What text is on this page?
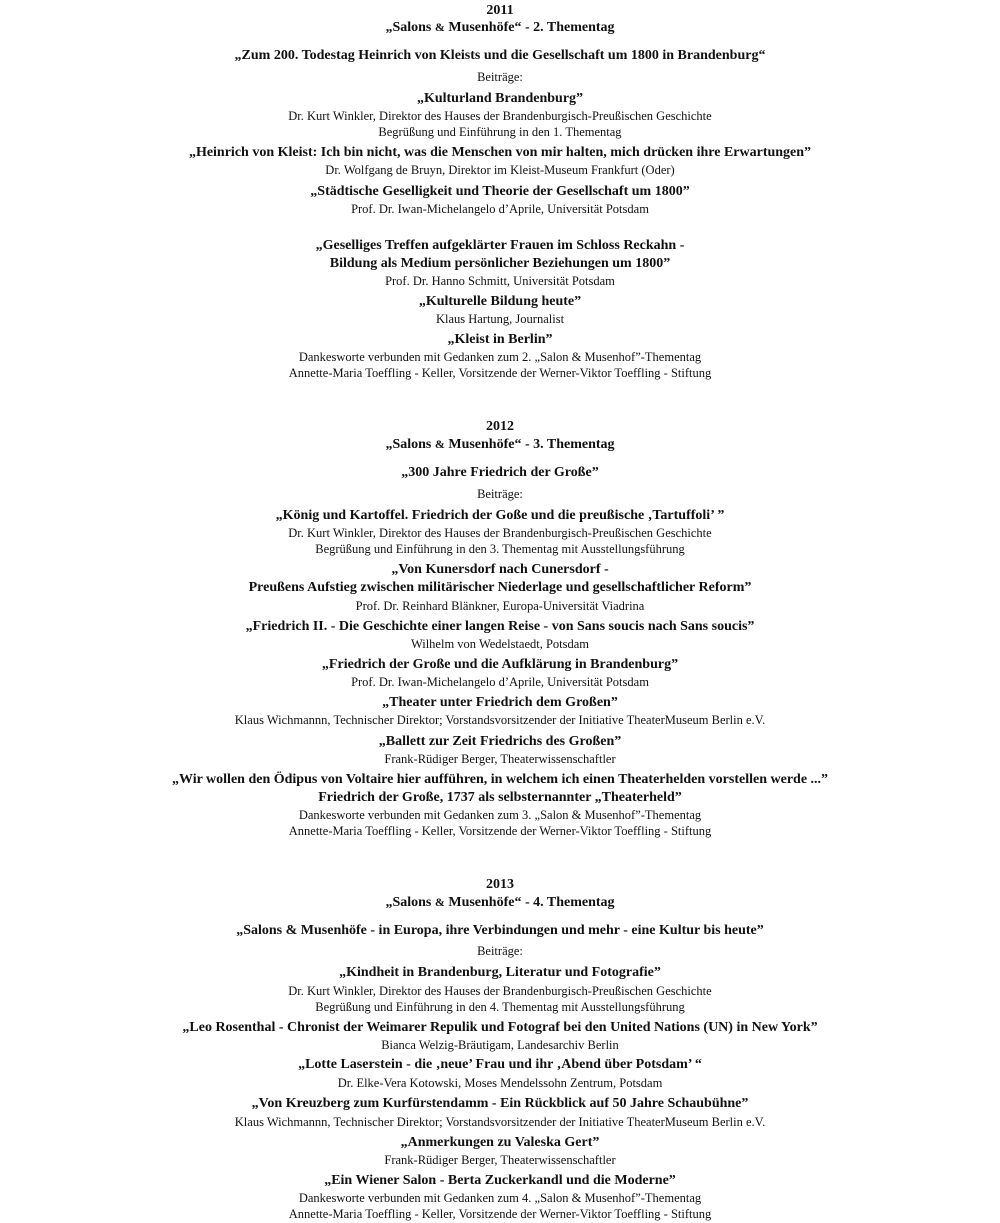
2011
„Salons & Musenhöfe“ - 2. Thementag
„Zum 200. Todestag Heinrich von Kleists und die Gesellschaft um 1800 in Brandenburg“
Beiträge:
„Kulturland Brandenburg”
Dr. Kurt Winkler, Direktor des Hauses der Brandenburgisch-Preußischen Geschichte
Begrüßung und Einführung in den 1. Thementag
„Heinrich von Kleist: Ich bin nicht, was die Menschen von mir halten, mich drücken ihre Erwartungen”
Dr. Wolfgang de Bruyn, Direktor im Kleist-Museum Frankfurt (Oder)
„Städtische Geselligkeit und Theorie der Gesellschaft um 1800”
Prof. Dr. Iwan-Michelangelo d’Aprile, Universität Potsdam
„Geselliges Treffen aufgeklärter Frauen im Schloss Reckahn -
Bildung als Medium persönlicher Beziehungen um 1800”
Prof. Dr. Hanno Schmitt, Universität Potsdam
„Kulturelle Bildung heute”
Klaus Hartung, Journalist
„Kleist in Berlin”
Dankesworte verbunden mit Gedanken zum 2. „Salon & Musenhof”-Thementag
Annette-Maria Toeffling - Keller, Vorsitzende der Werner-Viktor Toeffling - Stiftung
2012
„Salons & Musenhöfe“ - 3. Thementag
„300 Jahre Friedrich der Große”
Beiträge:
„König und Kartoffel. Friedrich der Goße und die preußische ‚Tartuffoli’ ”
Dr. Kurt Winkler, Direktor des Hauses der Brandenburgisch-Preußischen Geschichte
Begrüßung und Einführung in den 3. Thementag mit Ausstellungsführung
„Von Kunersdorf nach Cunersdorf -
Preußens Aufstieg zwischen militärischer Niederlage und gesellschaftlicher Reform”
Prof. Dr. Reinhard Blänkner, Europa-Universität Viadrina
„Friedrich II. - Die Geschichte einer langen Reise - von Sans soucis nach Sans soucis”
Wilhelm von Wedelstaedt, Potsdam
„Friedrich der Große und die Aufklärung in Brandenburg”
Prof. Dr. Iwan-Michelangelo d’Aprile, Universität Potsdam
„Theater unter Friedrich dem Großen”
Klaus Wichmannn, Technischer Direktor; Vorstandsvorsitzender der Initiative TheaterMuseum Berlin e.V.
„Ballett zur Zeit Friedrichs des Großen”
Frank-Rüdiger Berger, Theaterwissenschaftler
„Wir wollen den Ödipus von Voltaire hier aufführen, in welchem ich einen Theaterhelden vorstellen werde ...”
Friedrich der Große, 1737 als selbsternannter „Theaterheld”
Dankesworte verbunden mit Gedanken zum 3. „Salon & Musenhof”-Thementag
Annette-Maria Toeffling - Keller, Vorsitzende der Werner-Viktor Toeffling - Stiftung
2013
„Salons & Musenhöfe“ - 4. Thementag
„Salons & Musenhöfe - in Europa, ihre Verbindungen und mehr - eine Kultur bis heute”
Beiträge:
„Kindheit in Brandenburg, Literatur und Fotografie”
Dr. Kurt Winkler, Direktor des Hauses der Brandenburgisch-Preußischen Geschichte
Begrüßung und Einführung in den 4. Thementag mit Ausstellungsführung
„Leo Rosenthal - Chronist der Weimarer Repulik und Fotograf bei den United Nations (UN) in New York”
Bianca Welzig-Bräutigam, Landesarchiv Berlin
„Lotte Laserstein - die ‚neue’ Frau und ihr ‚Abend über Potsdam’ “
Dr. Elke-Vera Kotowski, Moses Mendelssohn Zentrum, Potsdam
„Von Kreuzberg zum Kurfürstendamm - Ein Rückblick auf 50 Jahre Schaubühne”
Klaus Wichmannn, Technischer Direktor; Vorstandsvorsitzender der Initiative TheaterMuseum Berlin e.V.
„Anmerkungen zu Valeska Gert”
Frank-Rüdiger Berger, Theaterwissenschaftler
„Ein Wiener Salon - Berta Zuckerkandl und die Moderne”
Dankesworte verbunden mit Gedanken zum 4. „Salon & Musenhof”-Thementag
Annette-Maria Toeffling - Keller, Vorsitzende der Werner-Viktor Toeffling - Stiftung
